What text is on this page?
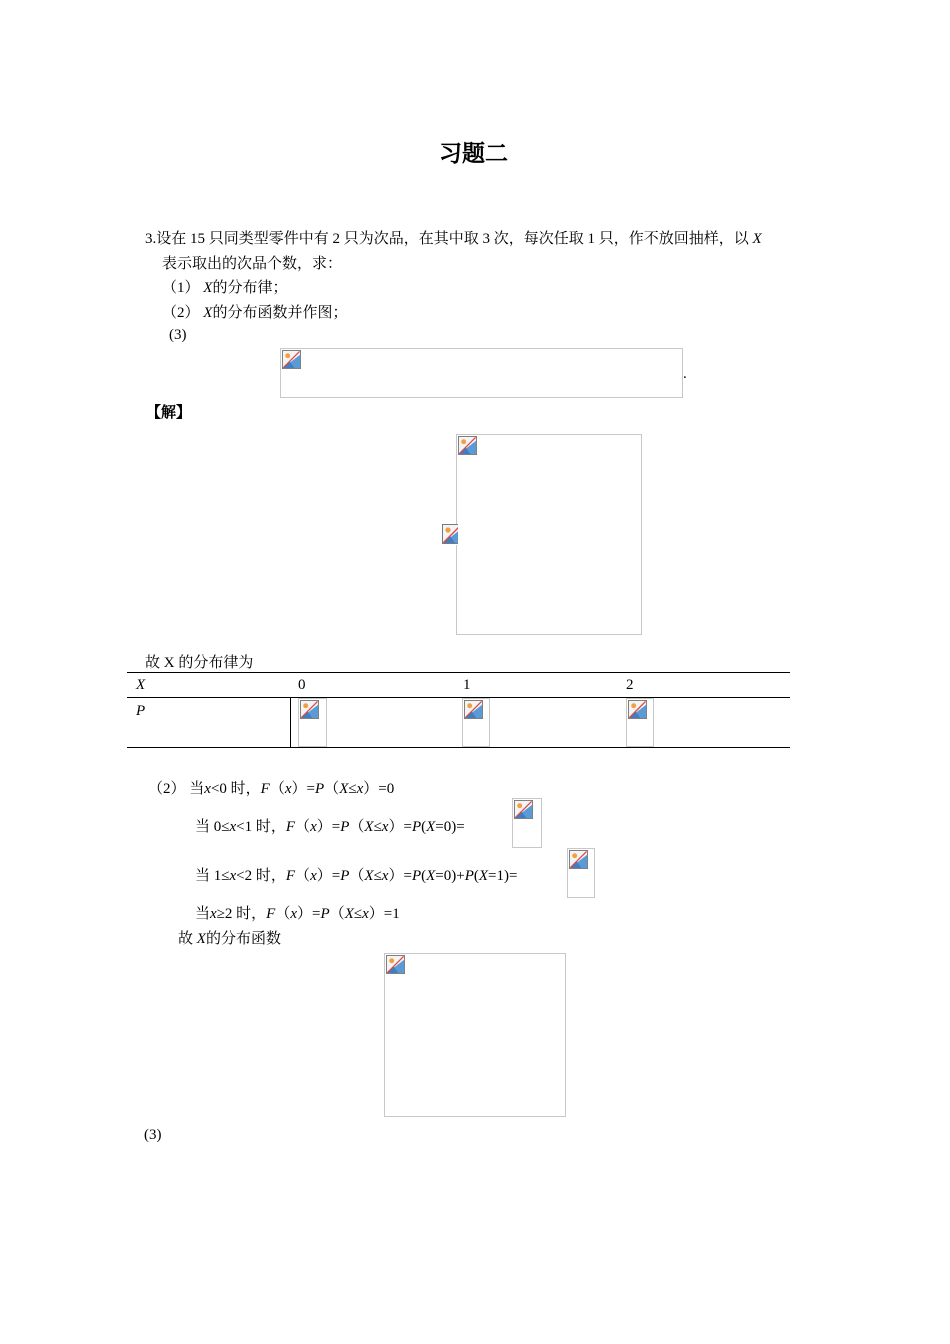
习题二
3.设在 15 只同类型零件中有 2 只为次品，在其中取 3 次，每次任取 1 只，作不放回抽样，以 X
表示取出的次品个数，求：
（1） X的分布律；
（2） X的分布函数并作图；
(3)
.
【解】
故 X 的分布律为
X	0	1	2
P
（2） 当x<0 时，F（x）=P（X≤x）=0
当 0≤x<1 时，F（x）=P（X≤x）=P(X=0)=
当 1≤x<2 时，F（x）=P（X≤x）=P(X=0)+P(X=1)=
当x≥2 时，F（x）=P（X≤x）=1
故 X的分布函数
(3)
